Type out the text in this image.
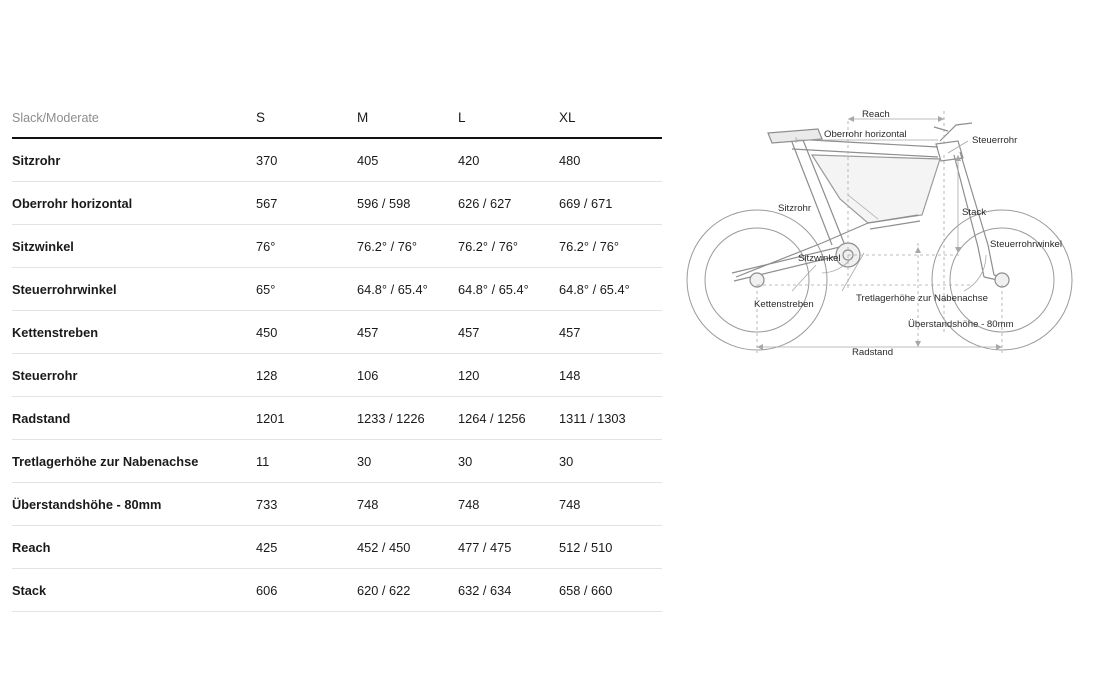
Slack/Moderate	S	M	L	XL
Sitzrohr	370	405	420	480
Oberrohr horizontal	567	596 / 598	626 / 627	669 / 671
Sitzwinkel	76°	76.2° / 76°	76.2° / 76°	76.2° / 76°
Steuerrohrwinkel	65°	64.8° / 65.4°	64.8° / 65.4°	64.8° / 65.4°
Kettenstreben	450	457	457	457
Steuerrohr	128	106	120	148
Radstand	1201	1233 / 1226	1264 / 1256	1311 / 1303
Tretlagerhöhe zur Nabenachse	11	30	30	30
Überstandshöhe - 80mm	733	748	748	748
Reach	425	452 / 450	477 / 475	512 / 510
Stack	606	620 / 622	632 / 634	658 / 660
Reach
Oberrohr horizontal
Steuerrohr
Sitzrohr	Stack
Steuerrohrwinkel
Sitzwinkel
Kettenstreben
Tretlagerhöhe zur Nabenachse
Überstandshöhe - 80mm
Radstand
